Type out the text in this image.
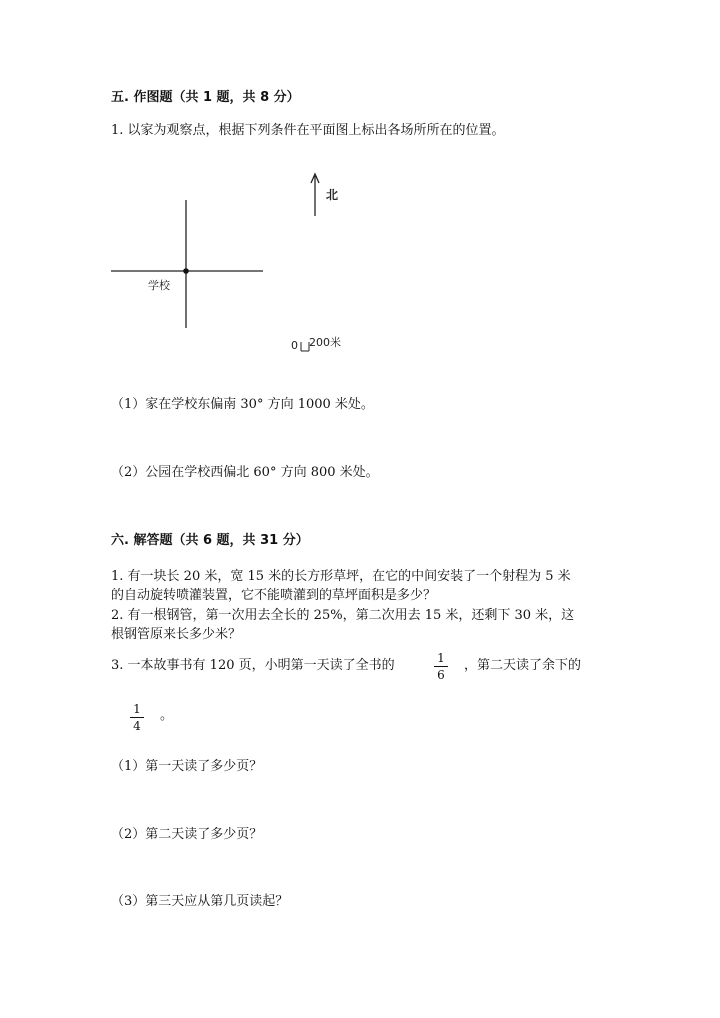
五. 作图题（共 1 题，共 8 分）
1. 以家为观察点，根据下列条件在平面图上标出各场所所在的位置。
学校
北
0 200米
（1）家在学校东偏南 30° 方向 1000 米处。
（2）公园在学校西偏北 60° 方向 800 米处。
六. 解答题（共 6 题，共 31 分）
1. 有一块长 20 米，宽 15 米的长方形草坪，在它的中间安装了一个射程为 5 米
的自动旋转喷灌装置，它不能喷灌到的草坪面积是多少？
2. 有一根钢管，第一次用去全长的 25%，第二次用去 15 米，还剩下 30 米，这
根钢管原来长多少米？
3. 一本故事书有 120 页，小明第一天读了全书的	$\frac{1}{6}$ ，第二天读了余下的
$\frac{1}{4}$ 。
（1）第一天读了多少页？
（2）第二天读了多少页？
（3）第三天应从第几页读起？
